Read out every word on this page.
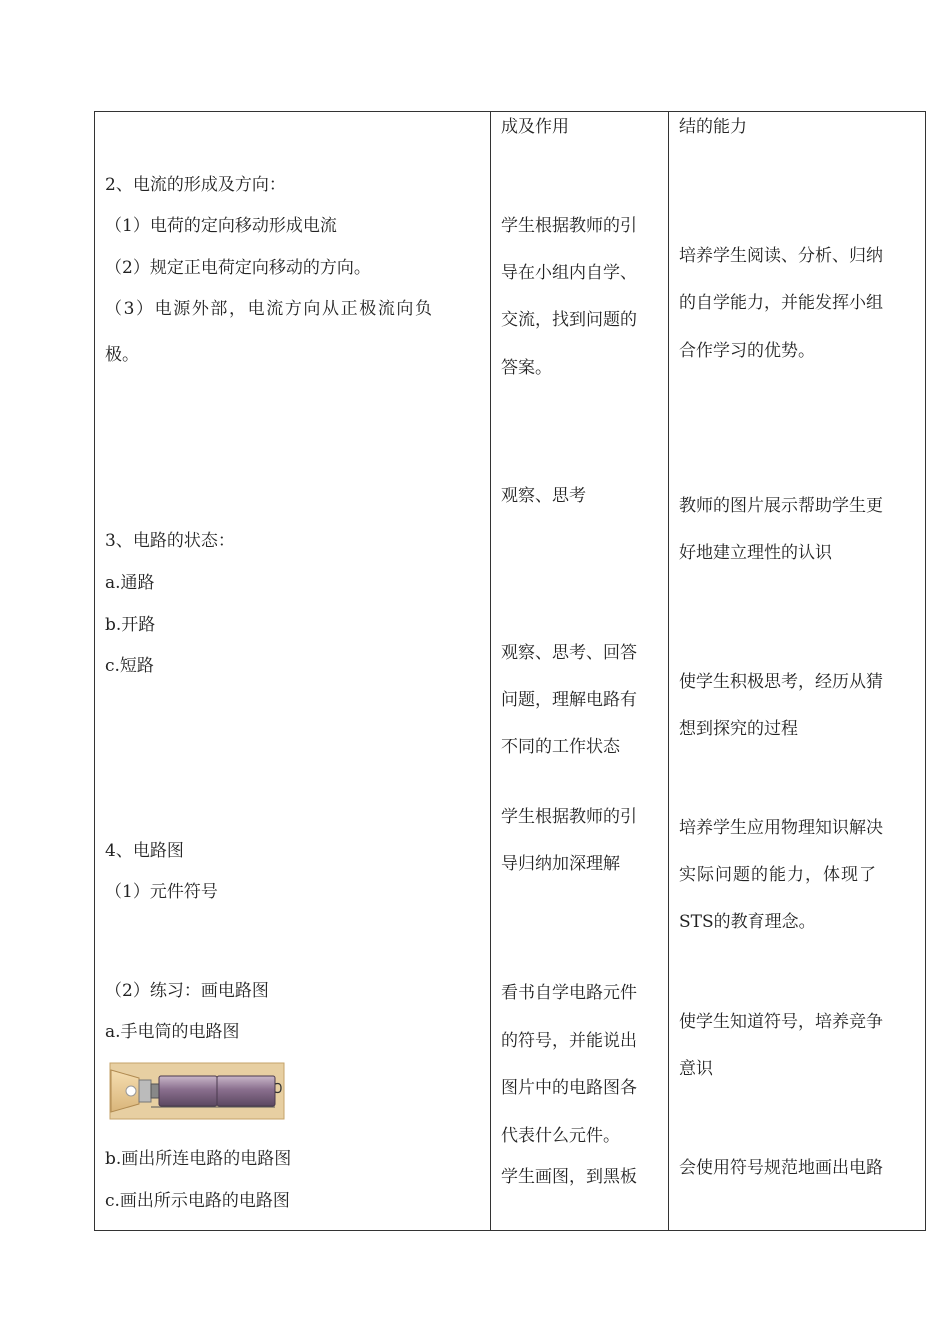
2、电流的形成及方向：
（1）电荷的定向移动形成电流
（2）规定正电荷定向移动的方向。
（3）电源外部，电流方向从正极流向负
极。
3、电路的状态：
a.通路
b.开路
c.短路
4、电路图
（1）元件符号
（2）练习：画电路图
a.手电筒的电路图
b.画出所连电路的电路图
c.画出所示电路的电路图
成及作用
学生根据教师的引
导在小组内自学、
交流，找到问题的
答案。
观察、思考
观察、思考、回答
问题，理解电路有
不同的工作状态
学生根据教师的引
导归纳加深理解
看书自学电路元件
的符号，并能说出
图片中的电路图各
代表什么元件。
学生画图，到黑板
结的能力
培养学生阅读、分析、归纳
的自学能力，并能发挥小组
合作学习的优势。
教师的图片展示帮助学生更
好地建立理性的认识
使学生积极思考，经历从猜
想到探究的过程
培养学生应用物理知识解决
实际问题的能力，体现了
STS的教育理念。
使学生知道符号，培养竞争
意识
会使用符号规范地画出电路
